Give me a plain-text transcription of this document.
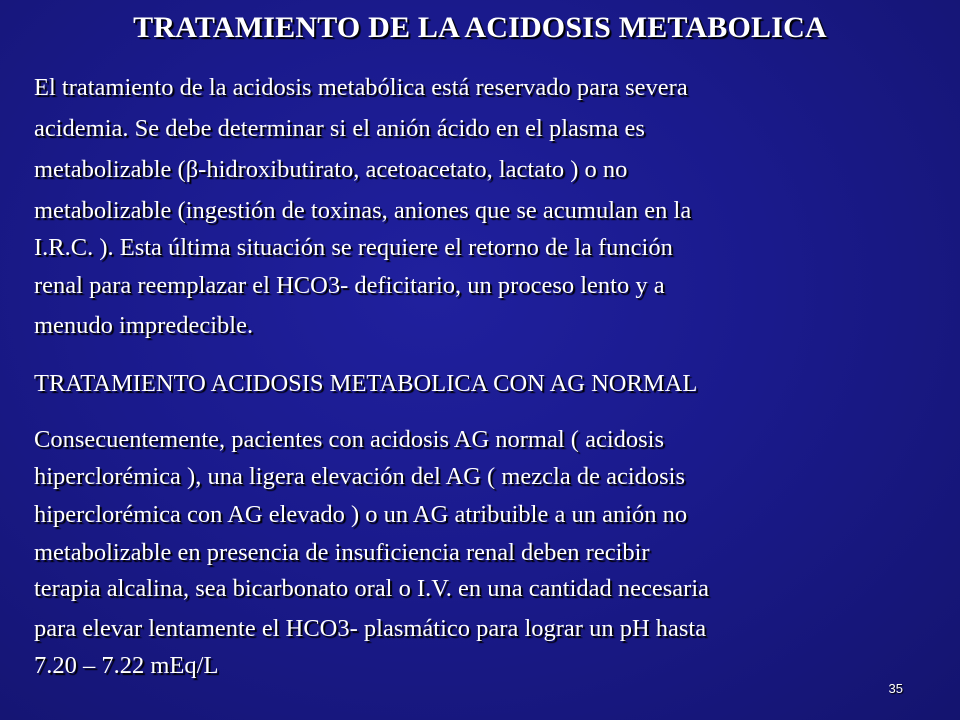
TRATAMIENTO DE LA ACIDOSIS METABOLICA
El tratamiento de la acidosis metabólica está reservado para severa
acidemia. Se debe determinar si el anión ácido en el plasma es
metabolizable (β-hidroxibutirato, acetoacetato, lactato ) o no
metabolizable (ingestión de toxinas, aniones que se acumulan en la
I.R.C. ). Esta última situación se requiere el retorno de la función
renal para reemplazar el HCO3- deficitario, un proceso lento y a
menudo impredecible.
TRATAMIENTO ACIDOSIS METABOLICA CON AG NORMAL
Consecuentemente, pacientes con acidosis AG normal ( acidosis
hiperclorémica ), una ligera elevación del AG ( mezcla de acidosis
hiperclorémica con AG elevado ) o un AG atribuible a un anión no
metabolizable en presencia de insuficiencia renal deben recibir
terapia alcalina, sea bicarbonato oral o I.V. en una cantidad necesaria
para elevar lentamente el HCO3- plasmático para lograr un pH hasta
7.20 – 7.22 mEq/L
35
